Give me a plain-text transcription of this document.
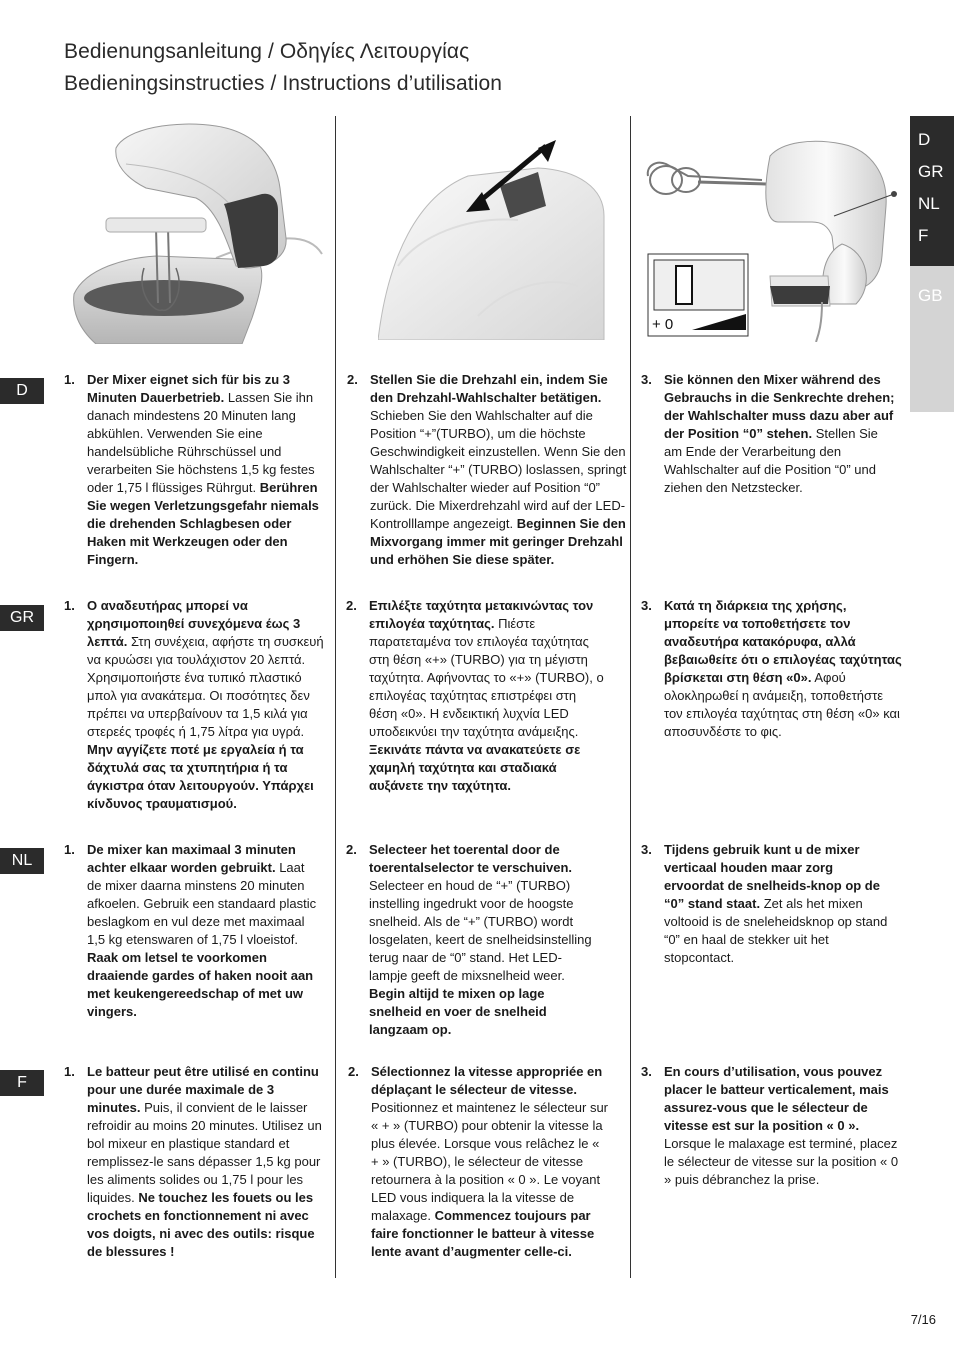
Bedienungsanleitung / Οδηγίες Λειτουργίας
Bedieningsinstructies / Instructions d’utilisation
D
GR
NL
F
GB
+ 0
D
GR
NL
F
1. Der Mixer eignet sich für bis zu 3 Minuten Dauerbetrieb. Lassen Sie ihn danach mindestens 20 Minuten lang abkühlen. Verwenden Sie eine handelsübliche Rührschüssel und verarbeiten Sie höchstens 1,5 kg festes oder 1,75 l flüssiges Rührgut. Berühren Sie wegen Verletzungsgefahr niemals die drehenden Schlagbesen oder Haken mit Werkzeugen oder den Fingern.
2. Stellen Sie die Drehzahl ein, indem Sie den Drehzahl-Wahlschalter betätigen. Schieben Sie den Wahlschalter auf die Position “+”(TURBO), um die höchste Geschwindigkeit einzustellen. Wenn Sie den Wahlschalter “+” (TURBO) loslassen, springt der Wahlschalter wieder auf Position “0” zurück. Die Mixerdrehzahl wird auf der LED-Kontrolllampe angezeigt. Beginnen Sie den Mixvorgang immer mit geringer Drehzahl und erhöhen Sie diese später.
3. Sie können den Mixer während des Gebrauchs in die Senkrechte drehen; der Wahlschalter muss dazu aber auf der Position “0” stehen. Stellen Sie am Ende der Verarbeitung den Wahlschalter auf die Position “0” und ziehen den Netzstecker.
1. Ο αναδευτήρας μπορεί να χρησιμοποιηθεί συνεχόμενα έως 3 λεπτά. Στη συνέχεια, αφήστε τη συσκευή να κρυώσει για τουλάχιστον 20 λεπτά. Χρησιμοποιήστε ένα τυπικό πλαστικό μπολ για ανακάτεμα. Οι ποσότητες δεν πρέπει να υπερβαίνουν τα 1,5 κιλά για στερεές τροφές ή 1,75 λίτρα για υγρά. Μην αγγίζετε ποτέ με εργαλεία ή τα δάχτυλά σας τα χτυπητήρια ή τα άγκιστρα όταν λειτουργούν. Υπάρχει κίνδυνος τραυματισμού.
2. Επιλέξτε ταχύτητα μετακινώντας τον επιλογέα ταχύτητας. Πιέστε παρατεταμένα τον επιλογέα ταχύτητας στη θέση «+» (TURBO) για τη μέγιστη ταχύτητα. Αφήνοντας το «+» (TURBO), ο επιλογέας ταχύτητας επιστρέφει στη θέση «0». Η ενδεικτική λυχνία LED υποδεικνύει την ταχύτητα ανάμειξης. Ξεκινάτε πάντα να ανακατεύετε σε χαμηλή ταχύτητα και σταδιακά αυξάνετε την ταχύτητα.
3. Κατά τη διάρκεια της χρήσης, μπορείτε να τοποθετήσετε τον αναδευτήρα κατακόρυφα, αλλά βεβαιωθείτε ότι ο επιλογέας ταχύτητας βρίσκεται στη θέση «0». Αφού ολοκληρωθεί η ανάμειξη, τοποθετήστε τον επιλογέα ταχύτητας στη θέση «0» και αποσυνδέστε το φις.
1. De mixer kan maximaal 3 minuten achter elkaar worden gebruikt. Laat de mixer daarna minstens 20 minuten afkoelen. Gebruik een standaard plastic beslagkom en vul deze met maximaal 1,5 kg etenswaren of 1,75 l vloeistof. Raak om letsel te voorkomen draaiende gardes of haken nooit aan met keukengereedschap of met uw vingers.
2. Selecteer het toerental door de toerentalselector te verschuiven. Selecteer en houd de “+” (TURBO) instelling ingedrukt voor de hoogste snelheid. Als de “+” (TURBO) wordt losgelaten, keert de snelheidsinstelling terug naar de “0” stand. Het LED-lampje geeft de mixsnelheid weer. Begin altijd te mixen op lage snelheid en voer de snelheid langzaam op.
3. Tijdens gebruik kunt u de mixer verticaal houden maar zorg ervoordat de snelheids-knop op de “0” stand staat. Zet als het mixen voltooid is de sneleheidsknop op stand “0” en haal de stekker uit het stopcontact.
1. Le batteur peut être utilisé en continu pour une durée maximale de 3 minutes. Puis, il convient de le laisser refroidir au moins 20 minutes. Utilisez un bol mixeur en plastique standard et remplissez-le sans dépasser 1,5 kg pour les aliments solides ou 1,75 l pour les liquides. Ne touchez les fouets ou les crochets en fonctionnement ni avec vos doigts, ni avec des outils: risque de blessures !
2. Sélectionnez la vitesse appropriée en déplaçant le sélecteur de vitesse. Positionnez et maintenez le sélecteur sur « + » (TURBO) pour obtenir la vitesse la plus élevée. Lorsque vous relâchez le « + » (TURBO), le sélecteur de vitesse retournera à la position « 0 ». Le voyant LED vous indiquera la la vitesse de malaxage. Commencez toujours par faire fonctionner le batteur à vitesse lente avant d’augmenter celle-ci.
3. En cours d’utilisation, vous pouvez placer le batteur verticalement, mais assurez-vous que le sélecteur de vitesse est sur la position « 0 ». Lorsque le malaxage est terminé, placez le sélecteur de vitesse sur la position « 0 » puis débranchez la prise.
7/16
